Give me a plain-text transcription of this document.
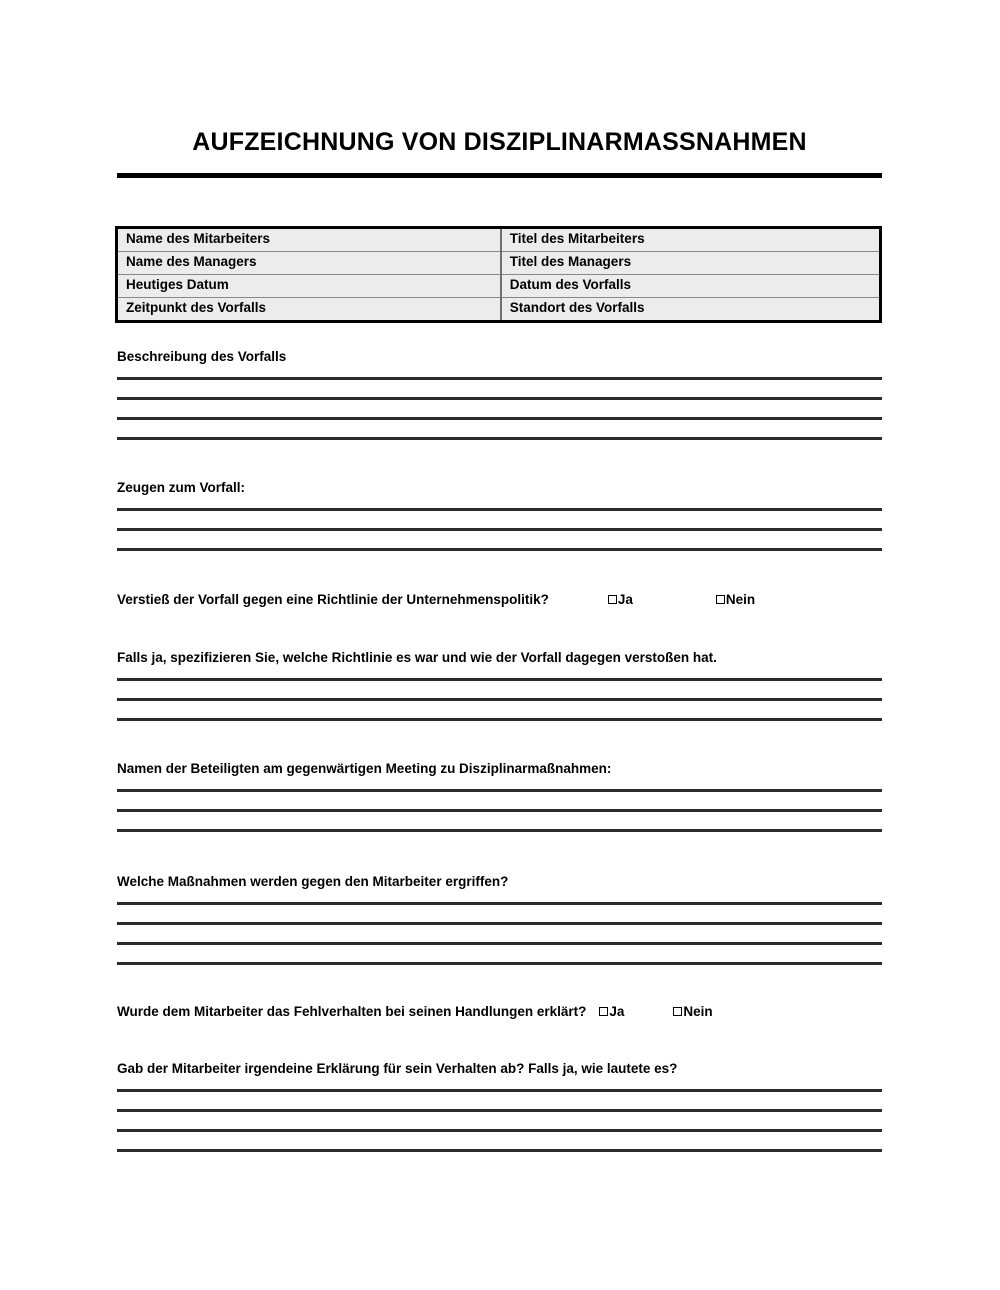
AUFZEICHNUNG VON DISZIPLINARMASSNAHMEN
Name des Mitarbeiters	Titel des Mitarbeiters
Name des Managers	Titel des Managers
Heutiges Datum	Datum des Vorfalls
Zeitpunkt des Vorfalls	Standort des Vorfalls

Beschreibung des Vorfalls

Zeugen zum Vorfall:

Verstieß der Vorfall gegen eine Richtlinie der Unternehmenspolitik?	Ja	Nein

Falls ja, spezifizieren Sie, welche Richtlinie es war und wie der Vorfall dagegen verstoßen hat.

Namen der Beteiligten am gegenwärtigen Meeting zu Disziplinarmaßnahmen:

Welche Maßnahmen werden gegen den Mitarbeiter ergriffen?

Wurde dem Mitarbeiter das Fehlverhalten bei seinen Handlungen erklärt? Ja	Nein

Gab der Mitarbeiter irgendeine Erklärung für sein Verhalten ab? Falls ja, wie lautete es?
